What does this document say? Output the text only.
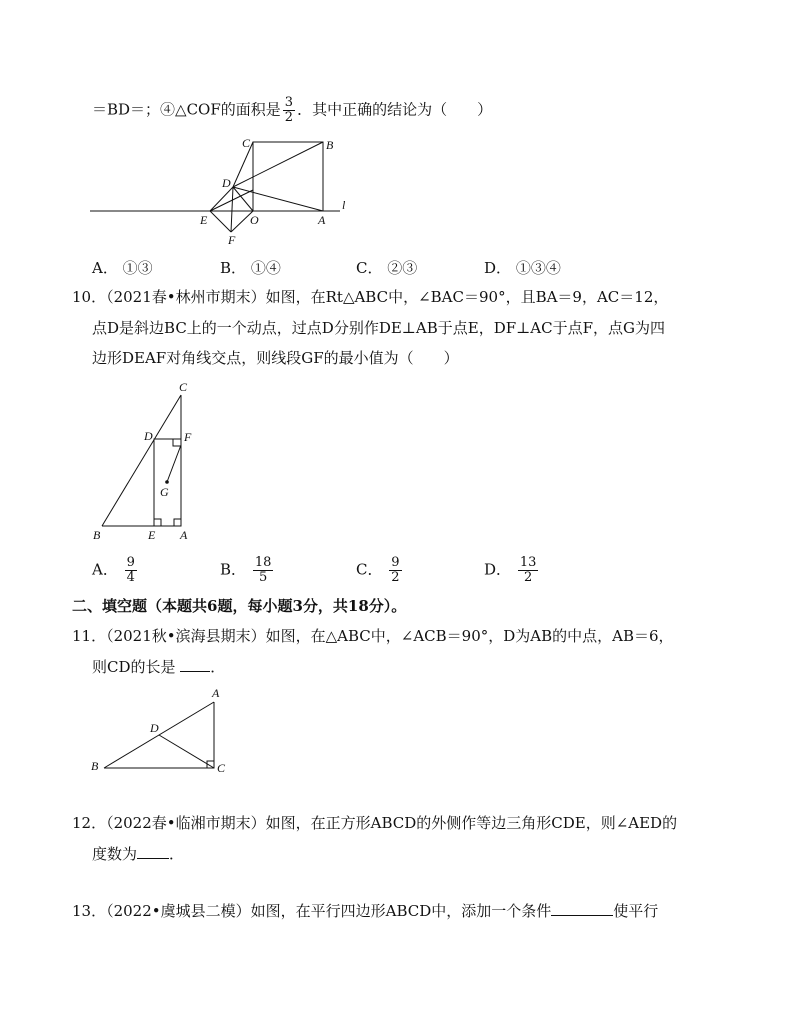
＝BD＝；④△COF的面积是 $\frac{3}{2}$ ．其中正确的结论为（　　）
C	B
D
l
E	O	A
F
A． ①③	B． ①④	C． ②③	D． ①③④
10．（2021春•林州市期末）如图，在Rt△ABC中，∠BAC＝90°，且BA＝9，AC＝12，
点D是斜边BC上的一个动点，过点D分别作DE⊥AB于点E，DF⊥AC于点F，点G为四
边形DEAF对角线交点，则线段GF的最小值为（　　）
C
D	F
G
B	E A
A． $\frac{9}{4}$	B． $\frac{18}{5}$	C． $\frac{9}{2}$	D． $\frac{13}{2}$
二、填空题（本题共6题，每小题3分，共18分）。
11．（2021秋•滨海县期末）如图，在△ABC中，∠ACB＝90°，D为AB的中点，AB＝6，
则CD的长是 ．
A
D
B	C
12．（2022春•临湘市期末）如图，在正方形ABCD的外侧作等边三角形CDE，则∠AED的
度数为 ．
13．（2022•虞城县二模）如图，在平行四边形ABCD中，添加一个条件	使平行
